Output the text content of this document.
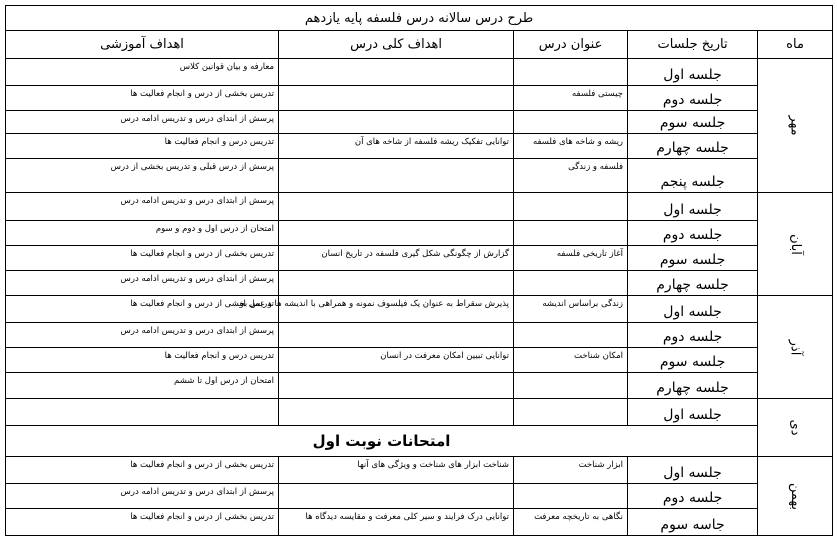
طرح درس سالانه درس فلسفه پایه یازدهم				
ماه	تاریخ جلسات	عنوان درس	اهداف کلی درس	اهداف آموزشی
مهر	جلسه اول			معارفه و بیان قوانین کلاس
	جلسه دوم	چیستی فلسفه		تدریس بخشی از درس و انجام فعالیت ها
	جلسه سوم			پرسش از ابتدای درس و تدریس ادامه درس
	جلسه چهارم	ریشه و شاخه های فلسفه	توانایی تفکیک ریشه فلسفه از شاخه های آن	تدریس درس و انجام فعالیت ها
	جلسه پنجم	فلسفه و زندگی		پرسش از درس قبلی و تدریس بخشی از درس
آبان	جلسه اول			پرسش از ابتدای درس و تدریس ادامه درس
	جلسه دوم			امتحان از درس اول و دوم و سوم
	جلسه سوم	آغاز تاریخی فلسفه	گزارش از چگونگی شکل گیری فلسفه در تاریخ انسان	تدریس بخشی از درس و انجام فعالیت ها
	جلسه چهارم			پرسش از ابتدای درس و تدریس ادامه درس
آذر	جلسه اول	زندگی براساس اندیشه	پذیرش سقراط به عنوان یک فیلسوف نمونه و همراهی با اندیشه ها و عمل او	تدریس بخشی از درس و انجام فعالیت ها
	جلسه دوم			پرسش از ابتدای درس و تدریس ادامه درس
	جلسه سوم	امکان شناخت	توانایی تبیین امکان معرفت در انسان	تدریس درس و انجام فعالیت ها
	جلسه چهارم			امتحان از درس اول تا ششم
دی	جلسه اول			
	امتحانات نوبت اول			
بهمن	جلسه اول	ابزار شناخت	شناخت ابزار های شناخت و ویژگی های آنها	تدریس بخشی از درس و انجام فعالیت ها
	جلسه دوم			پرسش از ابتدای درس و تدریس ادامه درس
	جاسه سوم	نگاهی به تاریخچه معرفت	توانایی درک فرایند و سیر کلی معرفت و مقایسه دیدگاه ها	تدریس بخشی از درس و انجام فعالیت ها
